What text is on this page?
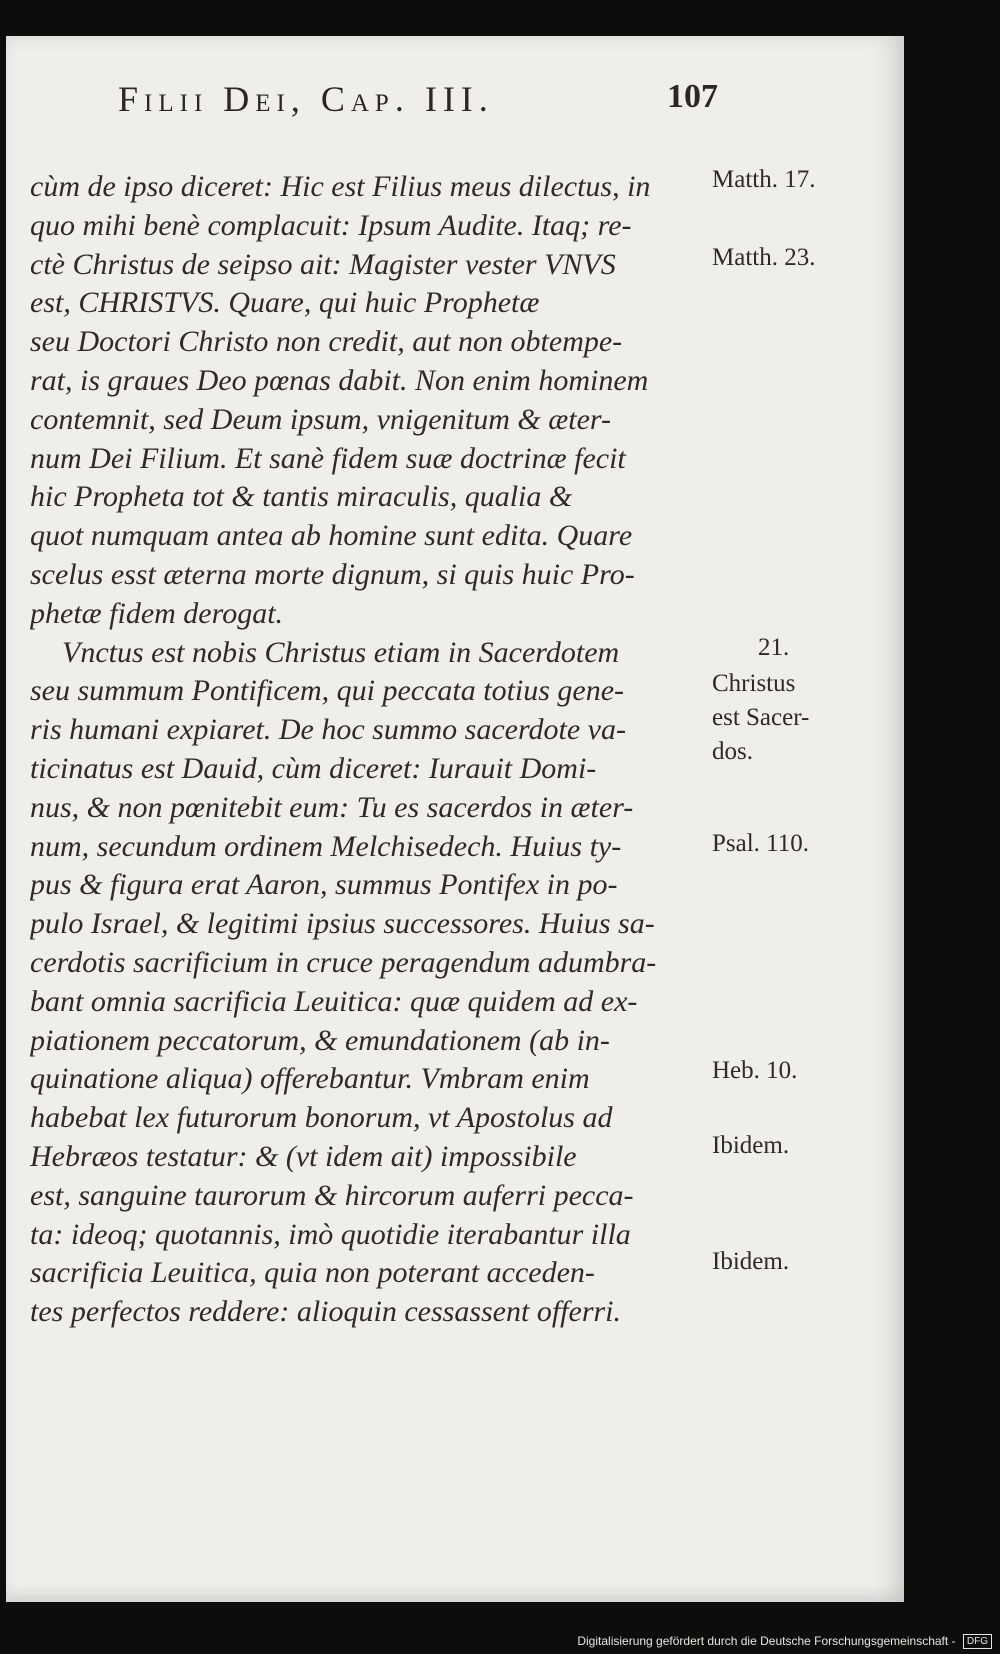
Filii Dei, Cap. III.	107
cùm de ipso diceret: Hic est Filius meus dilectus, in
quo mihi benè complacuit: Ipsum Audite. Itaq; re-
ctè Christus de seipso ait: Magister vester VNVS
est, CHRISTVS. Quare, qui huic Prophetæ
seu Doctori Christo non credit, aut non obtempe-
rat, is graues Deo pœnas dabit. Non enim hominem
contemnit, sed Deum ipsum, vnigenitum & æter-
num Dei Filium. Et sanè fidem suæ doctrinæ fecit
hic Propheta tot & tantis miraculis, qualia &
quot numquam antea ab homine sunt edita. Quare
scelus esst æterna morte dignum, si quis huic Pro-
phetæ fidem derogat.
Vnctus est nobis Christus etiam in Sacerdotem
seu summum Pontificem, qui peccata totius gene-
ris humani expiaret. De hoc summo sacerdote va-
ticinatus est Dauid, cùm diceret: Iurauit Domi-
nus, & non pœnitebit eum: Tu es sacerdos in æter-
num, secundum ordinem Melchisedech. Huius ty-
pus & figura erat Aaron, summus Pontifex in po-
pulo Israel, & legitimi ipsius successores. Huius sa-
cerdotis sacrificium in cruce peragendum adumbra-
bant omnia sacrificia Leuitica: quæ quidem ad ex-
piationem peccatorum, & emundationem (ab in-
quinatione aliqua) offerebantur. Vmbram enim
habebat lex futurorum bonorum, vt Apostolus ad
Hebræos testatur: & (vt idem ait) impossibile
est, sanguine taurorum & hircorum auferri pecca-
ta: ideoq; quotannis, imò quotidie iterabantur illa
sacrificia Leuitica, quia non poterant acceden-
tes perfectos reddere: alioquin cessassent offerri.
Matth. 17.
Matth. 23.
21.
Christus
est Sacer-
dos.
Psal. 110.
Heb. 10.
Ibidem.
Ibidem.
Digitalisierung gefördert durch die Deutsche Forschungsgemeinschaft - DFG
